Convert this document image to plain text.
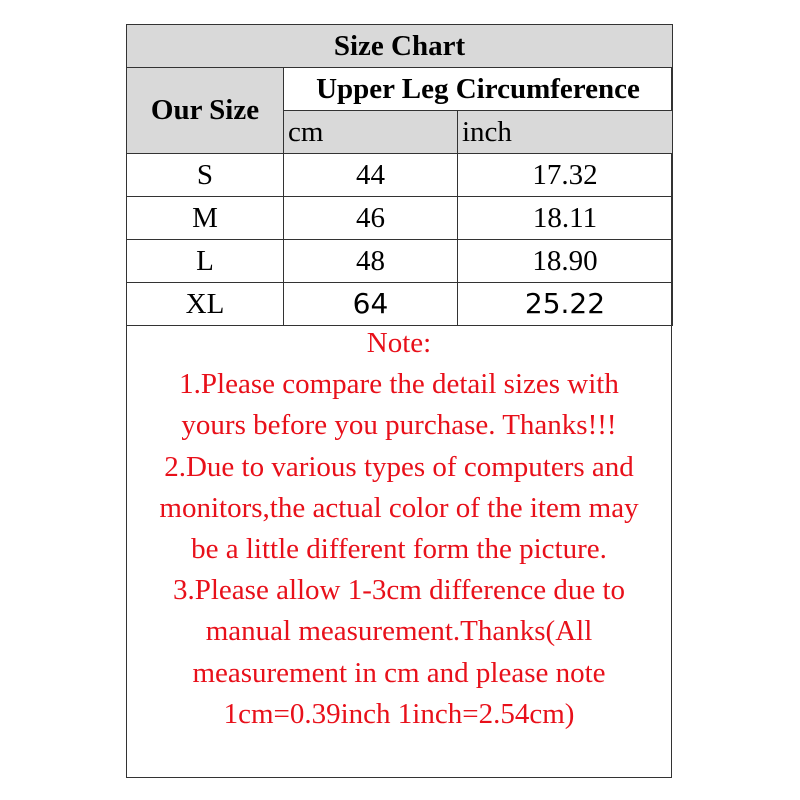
Size Chart		
Our Size	Upper Leg Circumference	
	cm	inch
S	44	17.32
M	46	18.11
L	48	18.90
XL	64	25.22
Note:
1.Please compare the detail sizes with
yours before you purchase. Thanks!!!
2.Due to various types of computers and
monitors,the actual color of the item may
be a little different form the picture.
3.Please allow 1-3cm difference due to
manual measurement.Thanks(All
measurement in cm and please note
1cm=0.39inch 1inch=2.54cm)
